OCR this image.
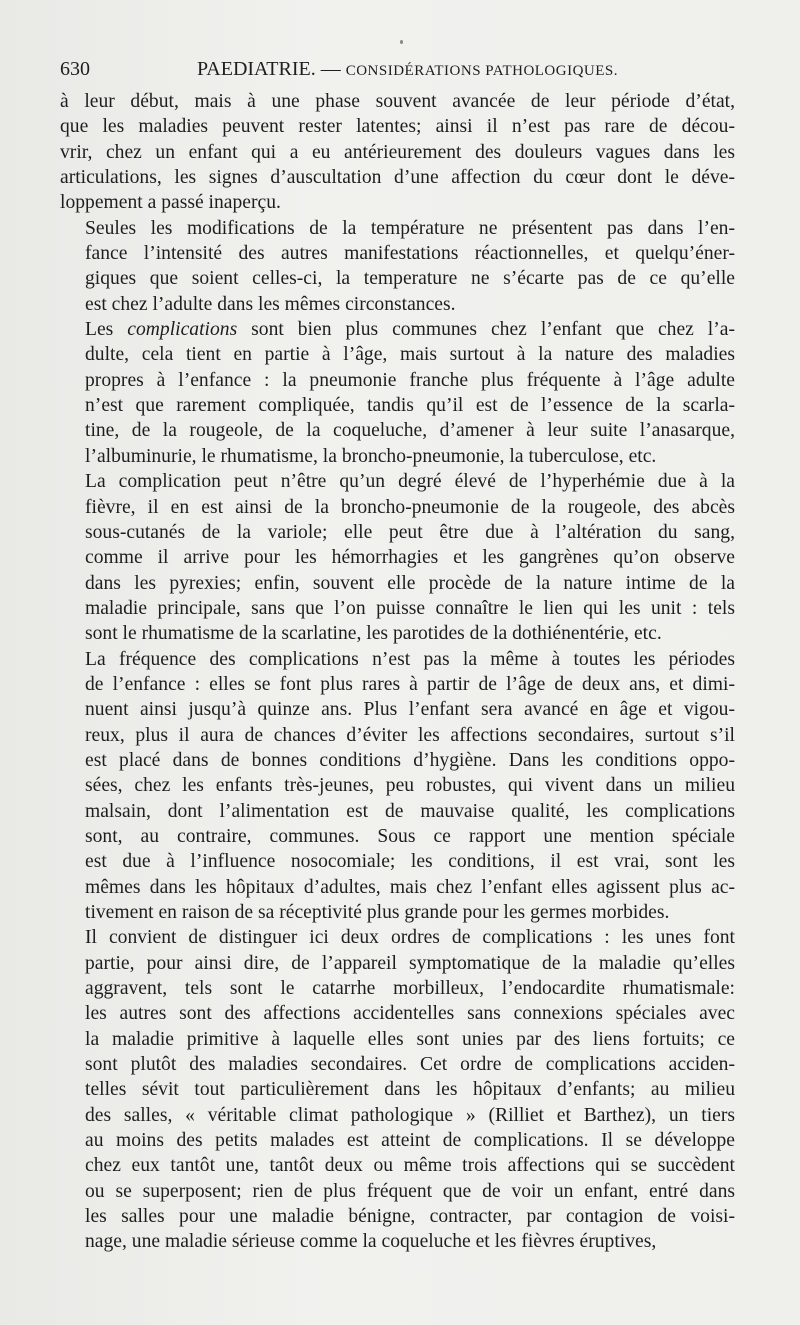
630	PAEDIATRIE. — CONSIDÉRATIONS PATHOLOGIQUES.

à leur début, mais à une phase souvent avancée de leur période d’état,
que les maladies peuvent rester latentes; ainsi il n’est pas rare de décou-
vrir, chez un enfant qui a eu antérieurement des douleurs vagues dans les
articulations, les signes d’auscultation d’une affection du cœur dont le déve-
loppement a passé inaperçu.

Seules les modifications de la température ne présentent pas dans l’en-
fance l’intensité des autres manifestations réactionnelles, et quelqu’éner-
giques que soient celles-ci, la temperature ne s’écarte pas de ce qu’elle
est chez l’adulte dans les mêmes circonstances.

Les complications sont bien plus communes chez l’enfant que chez l’a-
dulte, cela tient en partie à l’âge, mais surtout à la nature des maladies
propres à l’enfance : la pneumonie franche plus fréquente à l’âge adulte
n’est que rarement compliquée, tandis qu’il est de l’essence de la scarla-
tine, de la rougeole, de la coqueluche, d’amener à leur suite l’anasarque,
l’albuminurie, le rhumatisme, la broncho-pneumonie, la tuberculose, etc.

La complication peut n’être qu’un degré élevé de l’hyperhémie due à la
fièvre, il en est ainsi de la broncho-pneumonie de la rougeole, des abcès
sous-cutanés de la variole; elle peut être due à l’altération du sang,
comme il arrive pour les hémorrhagies et les gangrènes qu’on observe
dans les pyrexies; enfin, souvent elle procède de la nature intime de la
maladie principale, sans que l’on puisse connaître le lien qui les unit : tels
sont le rhumatisme de la scarlatine, les parotides de la dothiénentérie, etc.

La fréquence des complications n’est pas la même à toutes les périodes
de l’enfance : elles se font plus rares à partir de l’âge de deux ans, et dimi-
nuent ainsi jusqu’à quinze ans. Plus l’enfant sera avancé en âge et vigou-
reux, plus il aura de chances d’éviter les affections secondaires, surtout s’il
est placé dans de bonnes conditions d’hygiène. Dans les conditions oppo-
sées, chez les enfants très-jeunes, peu robustes, qui vivent dans un milieu
malsain, dont l’alimentation est de mauvaise qualité, les complications
sont, au contraire, communes. Sous ce rapport une mention spéciale
est due à l’influence nosocomiale; les conditions, il est vrai, sont les
mêmes dans les hôpitaux d’adultes, mais chez l’enfant elles agissent plus ac-
tivement en raison de sa réceptivité plus grande pour les germes morbides.

Il convient de distinguer ici deux ordres de complications : les unes font
partie, pour ainsi dire, de l’appareil symptomatique de la maladie qu’elles
aggravent, tels sont le catarrhe morbilleux, l’endocardite rhumatismale:
les autres sont des affections accidentelles sans connexions spéciales avec
la maladie primitive à laquelle elles sont unies par des liens fortuits; ce
sont plutôt des maladies secondaires. Cet ordre de complications acciden-
telles sévit tout particulièrement dans les hôpitaux d’enfants; au milieu
des salles, « véritable climat pathologique » (Rilliet et Barthez), un tiers
au moins des petits malades est atteint de complications. Il se développe
chez eux tantôt une, tantôt deux ou même trois affections qui se succèdent
ou se superposent; rien de plus fréquent que de voir un enfant, entré dans
les salles pour une maladie bénigne, contracter, par contagion de voisi-
nage, une maladie sérieuse comme la coqueluche et les fièvres éruptives,
